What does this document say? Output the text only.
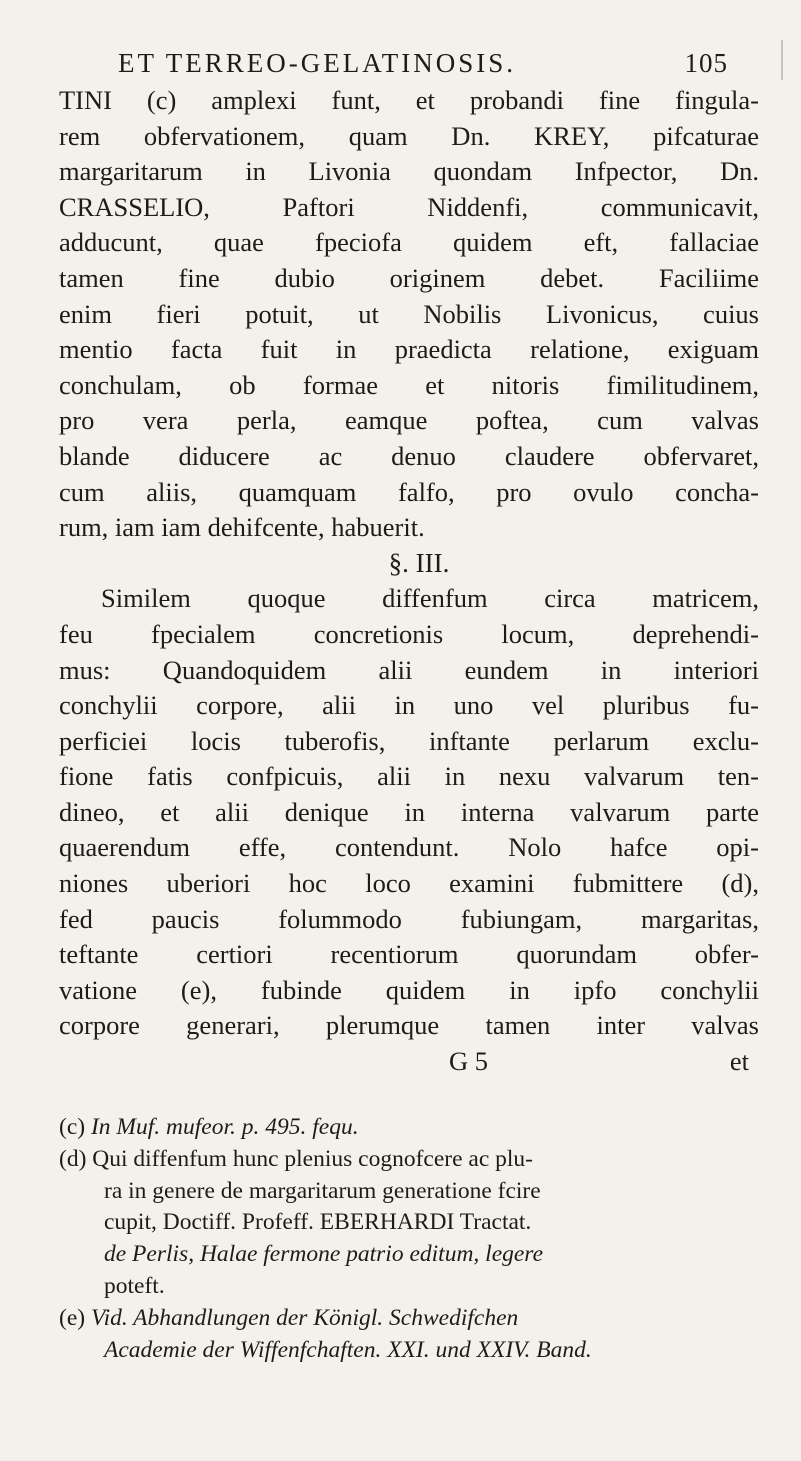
ET TERREO-GELATINOSIS.	105

TINI (c) amplexi funt, et probandi fine fingula-
rem obfervationem, quam Dn. KREY, pifcaturae
margaritarum in Livonia quondam Infpector, Dn.
CRASSELIO, Paftori Niddenfi, communicavit,
adducunt, quae fpeciofa quidem eft, fallaciae
tamen fine dubio originem debet. Faciliime
enim fieri potuit, ut Nobilis Livonicus, cuius
mentio facta fuit in praedicta relatione, exiguam
conchulam, ob formae et nitoris fimilitudinem,
pro vera perla, eamque poftea, cum valvas
blande diducere ac denuo claudere obfervaret,
cum aliis, quamquam falfo, pro ovulo concha-
rum, iam iam dehifcente, habuerit.

§. III.

Similem quoque diffenfum circa matricem,
feu fpecialem concretionis locum, deprehendi-
mus: Quandoquidem alii eundem in interiori
conchylii corpore, alii in uno vel pluribus fu-
perficiei locis tuberofis, inftante perlarum exclu-
fione fatis confpicuis, alii in nexu valvarum ten-
dineo, et alii denique in interna valvarum parte
quaerendum effe, contendunt. Nolo hafce opi-
niones uberiori hoc loco examini fubmittere (d),
fed paucis folummodo fubiungam, margaritas,
teftante certiori recentiorum quorundam obfer-
vatione (e), fubinde quidem in ipfo conchylii
corpore generari, plerumque tamen inter valvas

G 5	et
(c) In Muf. mufeor. p. 495. fequ.
(d) Qui diffenfum hunc plenius cognofcere ac plu-
ra in genere de margaritarum generatione fcire
cupit, Doctiff. Profeff. EBERHARDI Tractat.
de Perlis, Halae fermone patrio editum, legere
poteft.
(e) Vid. Abhandlungen der Königl. Schwedifchen
Academie der Wiffenfchaften. XXI. und XXIV. Band.
